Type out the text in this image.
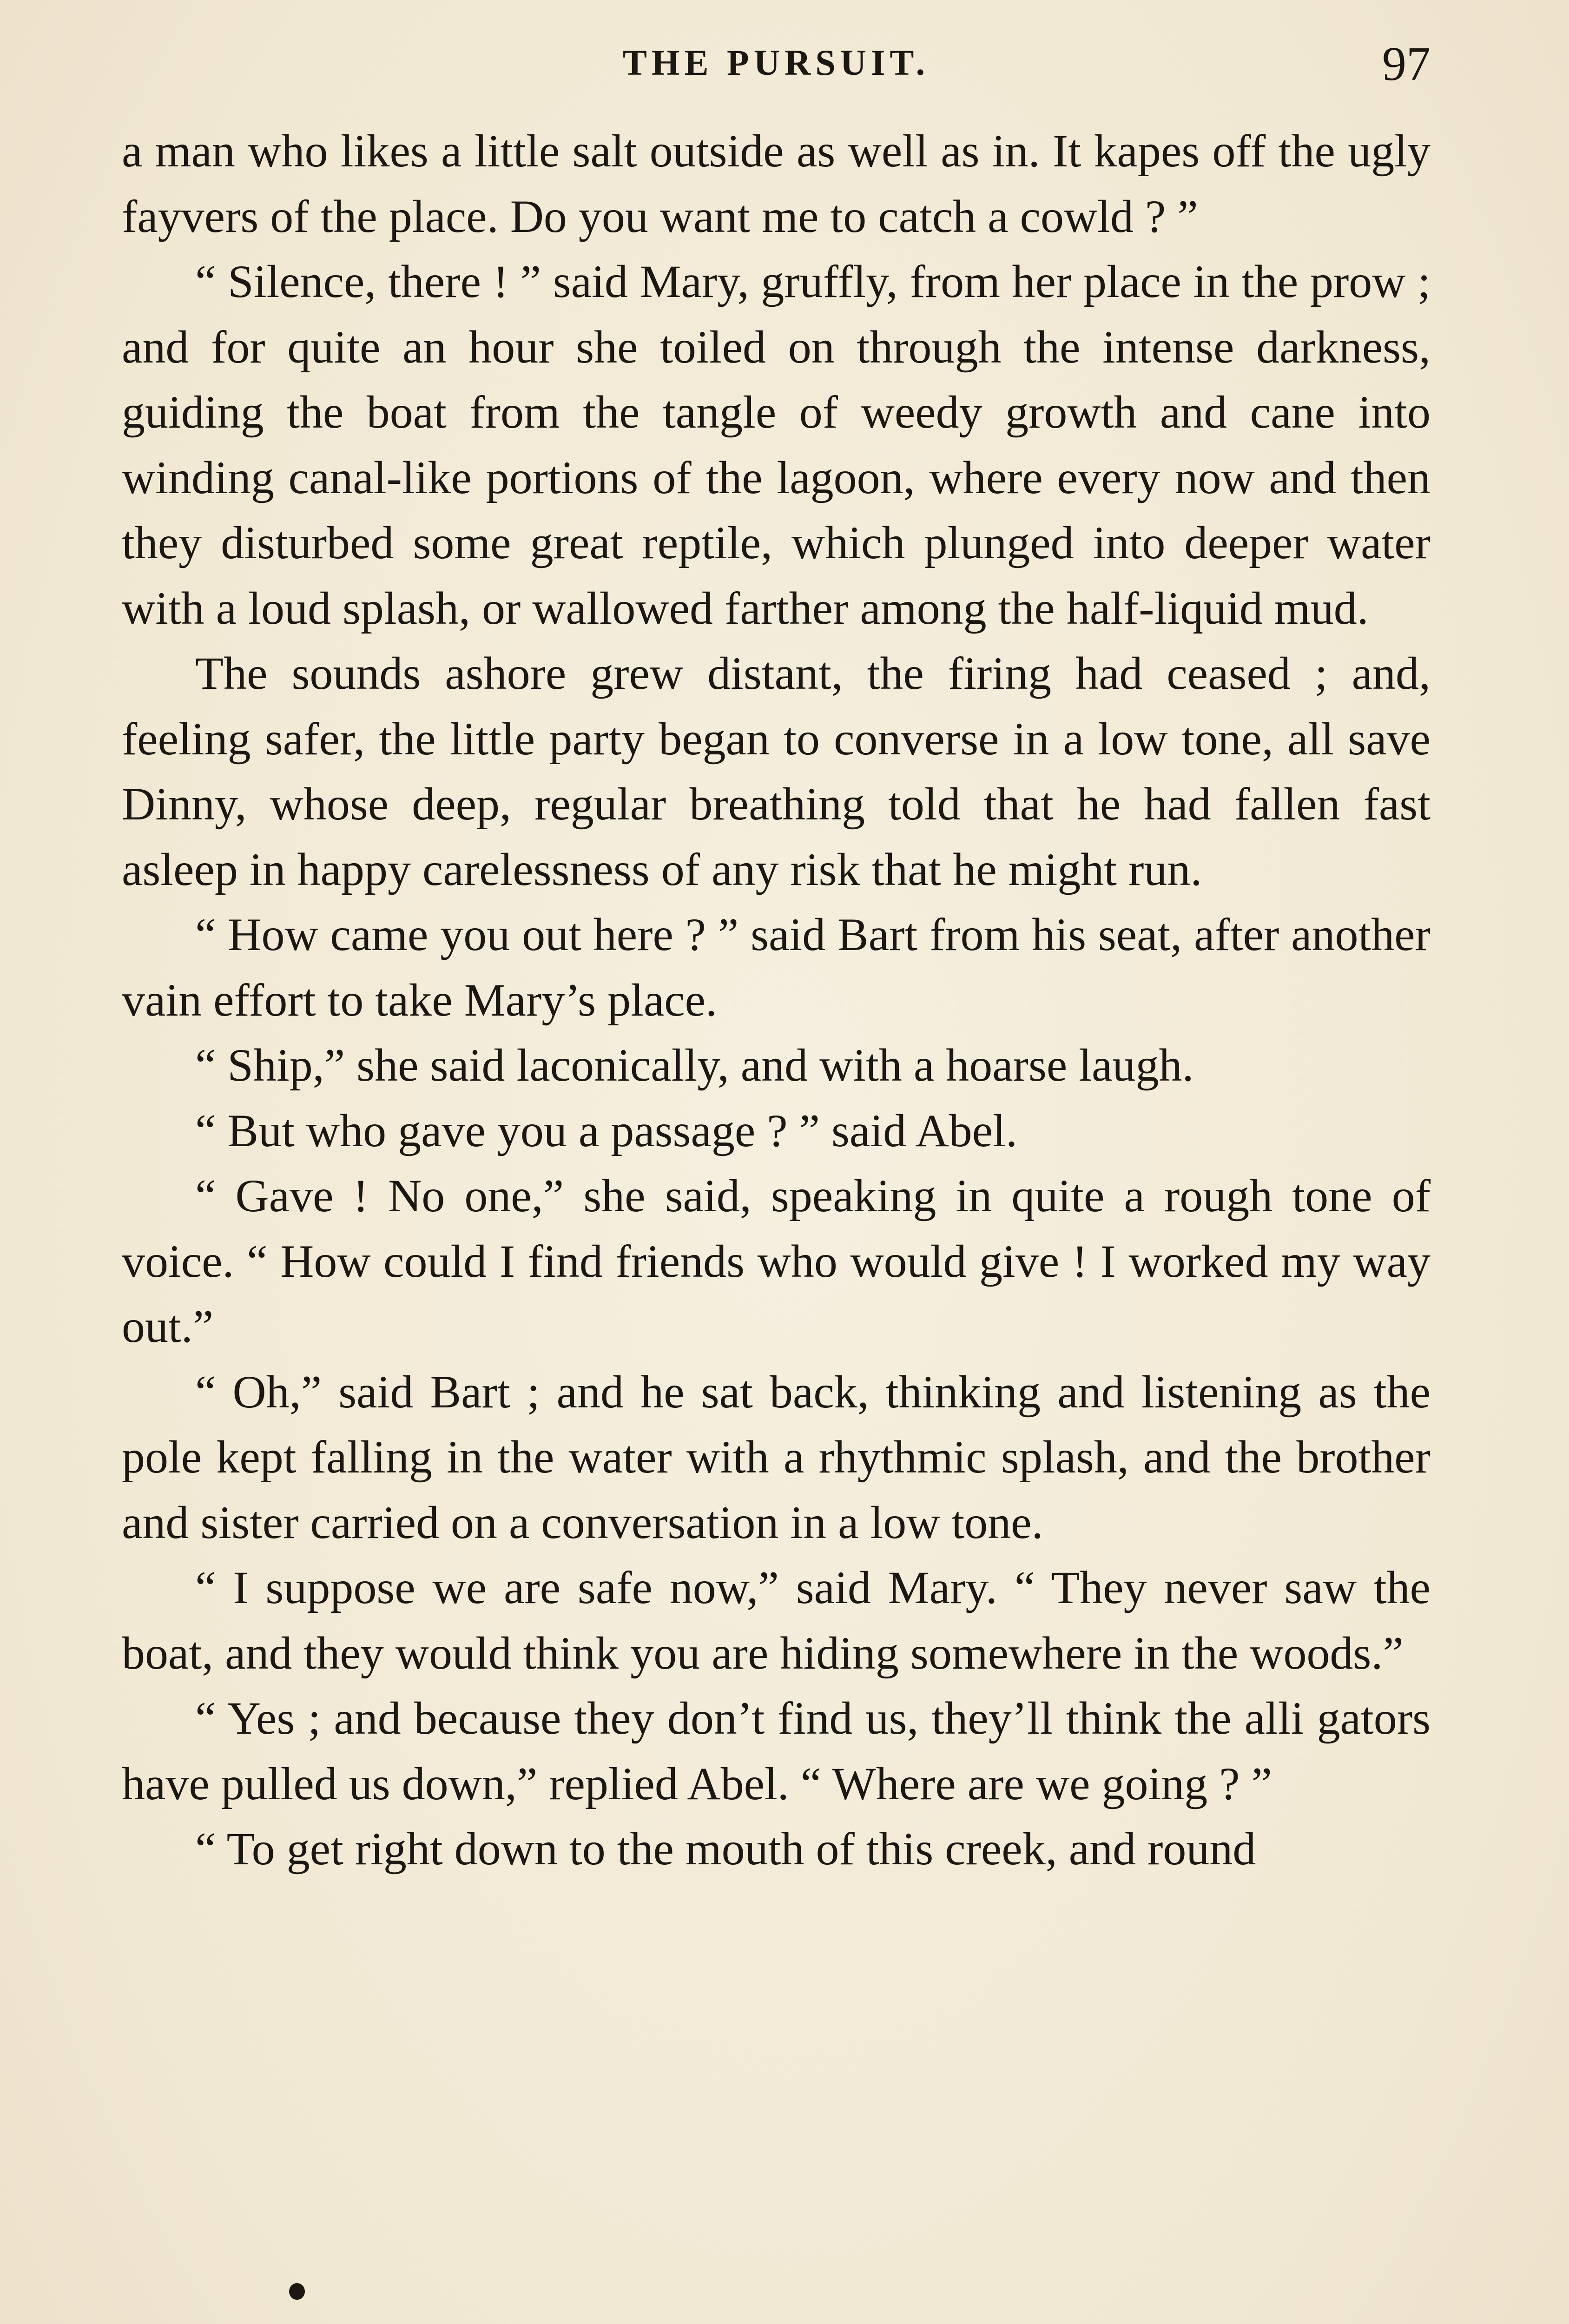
THE PURSUIT.	97

a man who likes a little salt outside as well as in. It kapes off the ugly fayvers of the place. Do you want me to catch a cowld ? ”

“ Silence, there ! ” said Mary, gruffly, from her place in the prow ; and for quite an hour she toiled on through the intense darkness, guiding the boat from the tangle of weedy growth and cane into winding canal-like portions of the lagoon, where every now and then they disturbed some great reptile, which plunged into deeper water with a loud splash, or wallowed farther among the half-liquid mud.

The sounds ashore grew distant, the firing had ceased ; and, feeling safer, the little party began to converse in a low tone, all save Dinny, whose deep, regular breathing told that he had fallen fast asleep in happy carelessness of any risk that he might run.

“ How came you out here ? ” said Bart from his seat, after another vain effort to take Mary’s place.

“ Ship,” she said laconically, and with a hoarse laugh.

“ But who gave you a passage ? ” said Abel.

“ Gave ! No one,” she said, speaking in quite a rough tone of voice. “ How could I find friends who would give ! I worked my way out.”

“ Oh,” said Bart ; and he sat back, thinking and listening as the pole kept falling in the water with a rhythmic splash, and the brother and sister carried on a conversation in a low tone.

“ I suppose we are safe now,” said Mary. “ They never saw the boat, and they would think you are hiding somewhere in the woods.”

“ Yes ; and because they don’t find us, they’ll think the alli gators have pulled us down,” replied Abel. “ Where are we going ? ”

“ To get right down to the mouth of this creek, and round
